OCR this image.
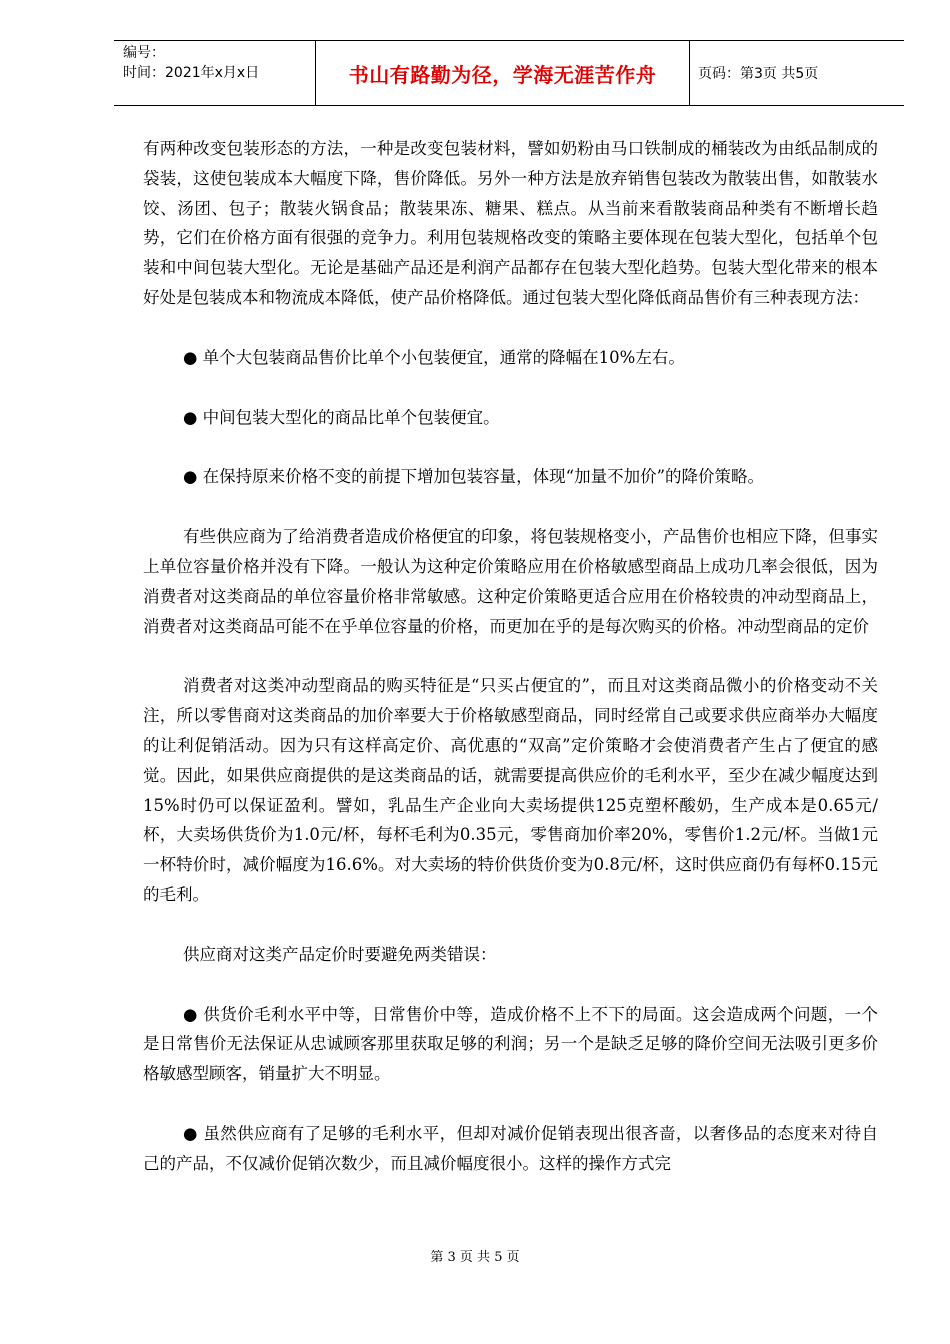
编号：
时间：2021年x月x日	书山有路勤为径，学海无涯苦作舟	页码：第3页 共5页

有两种改变包装形态的方法，一种是改变包装材料，譬如奶粉由马口铁制成的桶装改为由纸品制成的袋装，这使包装成本大幅度下降，售价降低。另外一种方法是放弃销售包装改为散装出售，如散装水饺、汤团、包子；散装火锅食品；散装果冻、糖果、糕点。从当前来看散装商品种类有不断增长趋势，它们在价格方面有很强的竞争力。利用包装规格改变的策略主要体现在包装大型化，包括单个包装和中间包装大型化。无论是基础产品还是利润产品都存在包装大型化趋势。包装大型化带来的根本好处是包装成本和物流成本降低，使产品价格降低。通过包装大型化降低商品售价有三种表现方法：

● 单个大包装商品售价比单个小包装便宜，通常的降幅在10%左右。

● 中间包装大型化的商品比单个包装便宜。

● 在保持原来价格不变的前提下增加包装容量，体现“加量不加价”的降价策略。

有些供应商为了给消费者造成价格便宜的印象，将包装规格变小，产品售价也相应下降，但事实上单位容量价格并没有下降。一般认为这种定价策略应用在价格敏感型商品上成功几率会很低，因为消费者对这类商品的单位容量价格非常敏感。这种定价策略更适合应用在价格较贵的冲动型商品上，消费者对这类商品可能不在乎单位容量的价格，而更加在乎的是每次购买的价格。冲动型商品的定价

消费者对这类冲动型商品的购买特征是“只买占便宜的”，而且对这类商品微小的价格变动不关注，所以零售商对这类商品的加价率要大于价格敏感型商品，同时经常自己或要求供应商举办大幅度的让利促销活动。因为只有这样高定价、高优惠的“双高”定价策略才会使消费者产生占了便宜的感觉。因此，如果供应商提供的是这类商品的话，就需要提高供应价的毛利水平，至少在减少幅度达到15%时仍可以保证盈利。譬如，乳品生产企业向大卖场提供125克塑杯酸奶，生产成本是0.65元/杯，大卖场供货价为1.0元/杯，每杯毛利为0.35元，零售商加价率20%，零售价1.2元/杯。当做1元一杯特价时，减价幅度为16.6%。对大卖场的特价供货价变为0.8元/杯，这时供应商仍有每杯0.15元的毛利。

供应商对这类产品定价时要避免两类错误：

● 供货价毛利水平中等，日常售价中等，造成价格不上不下的局面。这会造成两个问题，一个是日常售价无法保证从忠诚顾客那里获取足够的利润；另一个是缺乏足够的降价空间无法吸引更多价格敏感型顾客，销量扩大不明显。

● 虽然供应商有了足够的毛利水平，但却对减价促销表现出很吝啬，以奢侈品的态度来对待自己的产品，不仅减价促销次数少，而且减价幅度很小。这样的操作方式完

第 3 页 共 5 页
